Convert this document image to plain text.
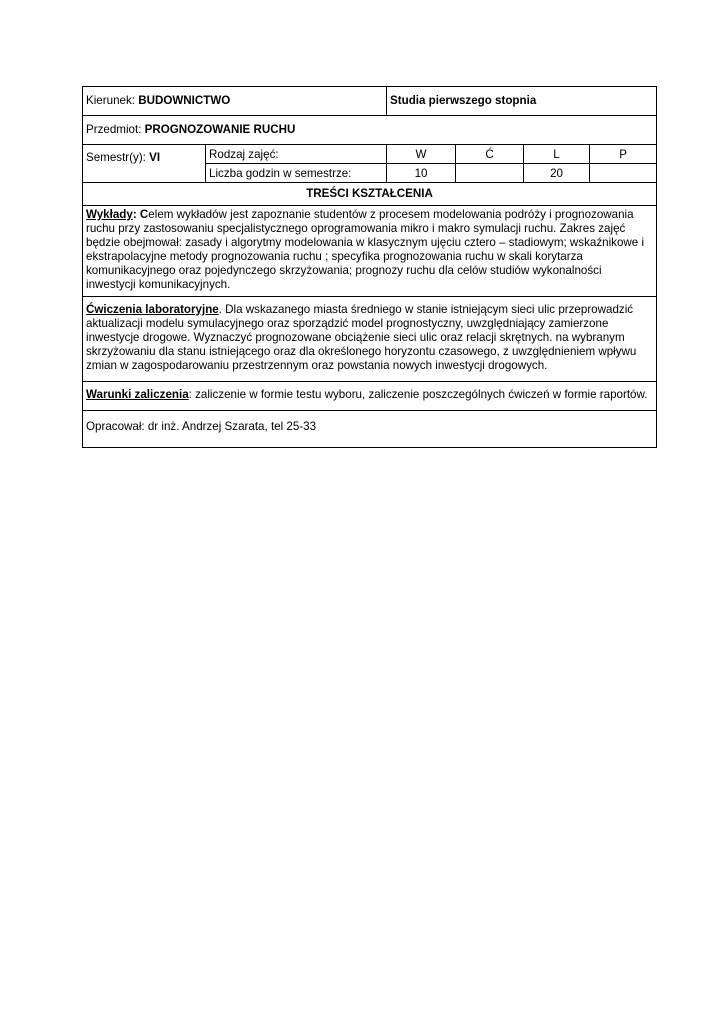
Kierunek: BUDOWNICTWO		Studia pierwszego stopnia			
Przedmiot: PROGNOZOWANIE RUCHU					
Semestr(y): VI	Rodzaj zajęć:	W	Ć	L	P
	Liczba godzin w semestrze:	10		20	
TREŚCI KSZTAŁCENIA					
Wykłady: Celem wykładów jest zapoznanie studentów z procesem modelowania podróży i prognozowania ruchu przy zastosowaniu specjalistycznego oprogramowania mikro i makro symulacji ruchu. Zakres zajęć będzie obejmował: zasady i algorytmy modelowania w klasycznym ujęciu cztero – stadiowym; wskaźnikowe i ekstrapolacyjne metody prognozowania ruchu ; specyfika prognozowania ruchu w skali korytarza komunikacyjnego oraz pojedynczego skrzyżowania; prognozy ruchu dla celów studiów wykonalności inwestycji komunikacyjnych.					
Ćwiczenia laboratoryjne. Dla wskazanego miasta średniego w stanie istniejącym sieci ulic przeprowadzić aktualizacji modelu symulacyjnego oraz sporządzić model prognostyczny, uwzględniający zamierzone inwestycje drogowe. Wyznaczyć prognozowane obciążenie sieci ulic oraz relacji skrętnych. na wybranym skrzyżowaniu dla stanu istniejącego oraz dla określonego horyzontu czasowego, z uwzględnieniem wpływu zmian w zagospodarowaniu przestrzennym oraz powstania nowych inwestycji drogowych.					
Warunki zaliczenia: zaliczenie w formie testu wyboru, zaliczenie poszczególnych ćwiczeń w formie raportów.					
Opracował: dr inż. Andrzej Szarata, tel 25-33					
